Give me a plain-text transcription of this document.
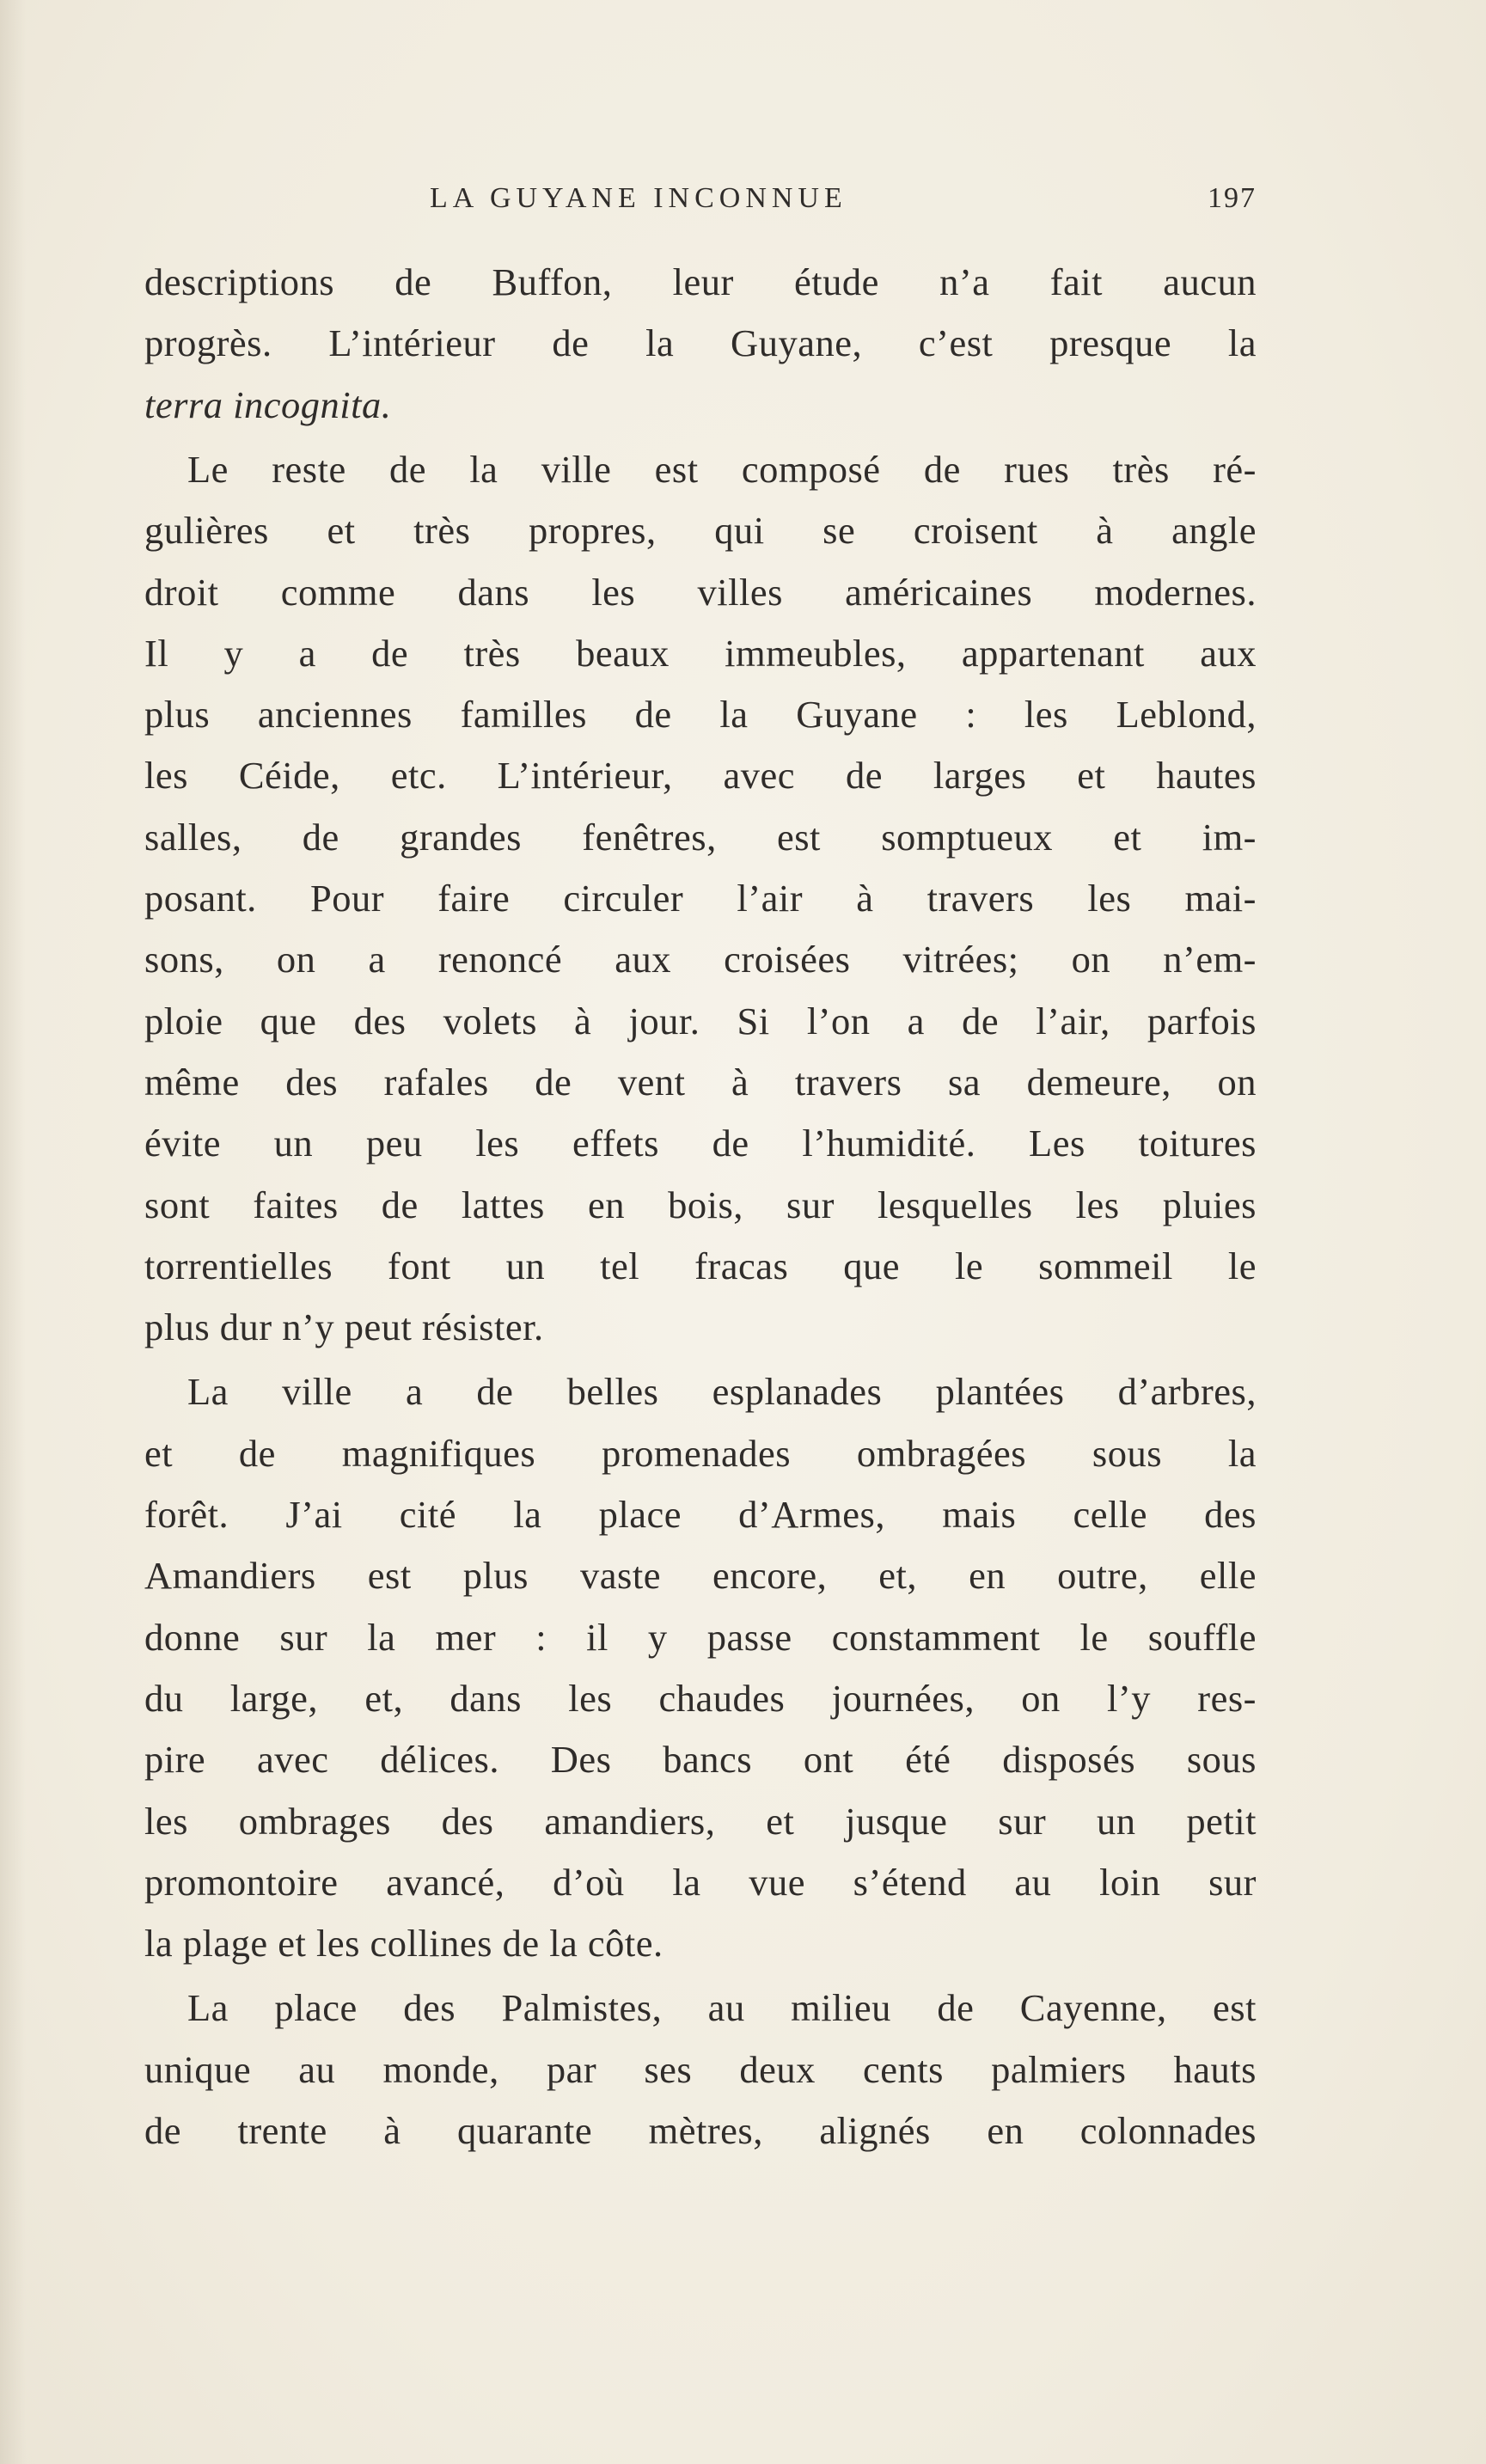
LA GUYANE INCONNUE	197
descriptions de Buffon, leur étude n’a fait aucun
progrès. L’intérieur de la Guyane, c’est presque la
terra incognita.
Le reste de la ville est composé de rues très ré-
gulières et très propres, qui se croisent à angle
droit comme dans les villes américaines modernes.
Il y a de très beaux immeubles, appartenant aux
plus anciennes familles de la Guyane : les Leblond,
les Céide, etc. L’intérieur, avec de larges et hautes
salles, de grandes fenêtres, est somptueux et im-
posant. Pour faire circuler l’air à travers les mai-
sons, on a renoncé aux croisées vitrées; on n’em-
ploie que des volets à jour. Si l’on a de l’air, parfois
même des rafales de vent à travers sa demeure, on
évite un peu les effets de l’humidité. Les toitures
sont faites de lattes en bois, sur lesquelles les pluies
torrentielles font un tel fracas que le sommeil le
plus dur n’y peut résister.
La ville a de belles esplanades plantées d’arbres,
et de magnifiques promenades ombragées sous la
forêt. J’ai cité la place d’Armes, mais celle des
Amandiers est plus vaste encore, et, en outre, elle
donne sur la mer : il y passe constamment le souffle
du large, et, dans les chaudes journées, on l’y res-
pire avec délices. Des bancs ont été disposés sous
les ombrages des amandiers, et jusque sur un petit
promontoire avancé, d’où la vue s’étend au loin sur
la plage et les collines de la côte.
La place des Palmistes, au milieu de Cayenne, est
unique au monde, par ses deux cents palmiers hauts
de trente à quarante mètres, alignés en colonnades
